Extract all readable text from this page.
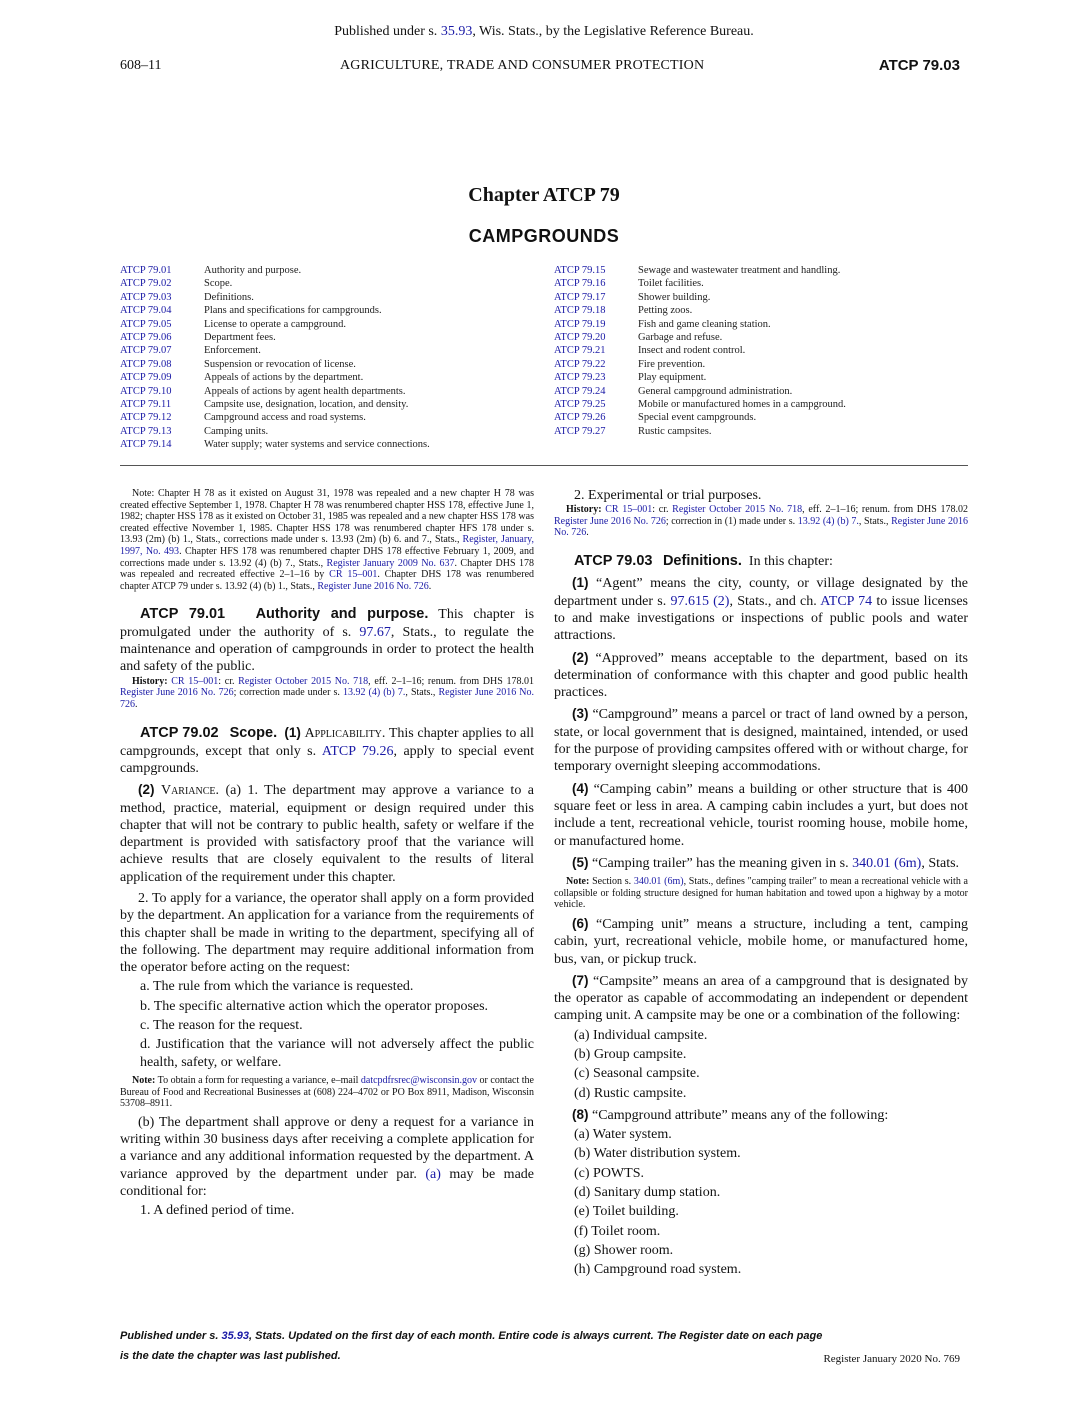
Published under s. 35.93, Wis. Stats., by the Legislative Reference Bureau.
608–11	AGRICULTURE, TRADE AND CONSUMER PROTECTION	ATCP 79.03
Chapter ATCP 79
CAMPGROUNDS
ATCP 79.01	Authority and purpose.
ATCP 79.02	Scope.
ATCP 79.03	Definitions.
ATCP 79.04	Plans and specifications for campgrounds.
ATCP 79.05	License to operate a campground.
ATCP 79.06	Department fees.
ATCP 79.07	Enforcement.
ATCP 79.08	Suspension or revocation of license.
ATCP 79.09	Appeals of actions by the department.
ATCP 79.10	Appeals of actions by agent health departments.
ATCP 79.11	Campsite use, designation, location, and density.
ATCP 79.12	Campground access and road systems.
ATCP 79.13	Camping units.
ATCP 79.14	Water supply; water systems and service connections.
ATCP 79.15	Sewage and wastewater treatment and handling.
ATCP 79.16	Toilet facilities.
ATCP 79.17	Shower building.
ATCP 79.18	Petting zoos.
ATCP 79.19	Fish and game cleaning station.
ATCP 79.20	Garbage and refuse.
ATCP 79.21	Insect and rodent control.
ATCP 79.22	Fire prevention.
ATCP 79.23	Play equipment.
ATCP 79.24	General campground administration.
ATCP 79.25	Mobile or manufactured homes in a campground.
ATCP 79.26	Special event campgrounds.
ATCP 79.27	Rustic campsites.

Note: Chapter H 78 as it existed on August 31, 1978 was repealed and a new chapter H 78 was created effective September 1, 1978. Chapter H 78 was renumbered chapter HSS 178, effective June 1, 1982; chapter HSS 178 as it existed on October 31, 1985 was repealed and a new chapter HSS 178 was created effective November 1, 1985. Chapter HSS 178 was renumbered chapter HFS 178 under s. 13.93 (2m) (b) 1., Stats., corrections made under s. 13.93 (2m) (b) 6. and 7., Stats., Register, January, 1997, No. 493. Chapter HFS 178 was renumbered chapter DHS 178 effective February 1, 2009, and corrections made under s. 13.92 (4) (b) 7., Stats., Register January 2009 No. 637. Chapter DHS 178 was repealed and recreated effective 2–1–16 by CR 15–001. Chapter DHS 178 was renumbered chapter ATCP 79 under s. 13.92 (4) (b) 1., Stats., Register June 2016 No. 726.

ATCP 79.01 Authority and purpose. This chapter is promulgated under the authority of s. 97.67, Stats., to regulate the maintenance and operation of campgrounds in order to protect the health and safety of the public.

History: CR 15–001: cr. Register October 2015 No. 718, eff. 2–1–16; renum. from DHS 178.01 Register June 2016 No. 726; correction made under s. 13.92 (4) (b) 7., Stats., Register June 2016 No. 726.

ATCP 79.02 Scope. (1) Applicability. This chapter applies to all campgrounds, except that only s. ATCP 79.26, apply to special event campgrounds.

(2) Variance. (a) 1. The department may approve a variance to a method, practice, material, equipment or design required under this chapter that will not be contrary to public health, safety or welfare if the department is provided with satisfactory proof that the variance will achieve results that are closely equivalent to the results of literal application of the requirement under this chapter.

2. To apply for a variance, the operator shall apply on a form provided by the department. An application for a variance from the requirements of this chapter shall be made in writing to the department, specifying all of the following. The department may require additional information from the operator before acting on the request:

a. The rule from which the variance is requested.

b. The specific alternative action which the operator proposes.

c. The reason for the request.

d. Justification that the variance will not adversely affect the public health, safety, or welfare.

Note: To obtain a form for requesting a variance, e–mail datcpdfrsrec@wisconsin.gov or contact the Bureau of Food and Recreational Businesses at (608) 224–4702 or PO Box 8911, Madison, Wisconsin 53708–8911.

(b) The department shall approve or deny a request for a variance in writing within 30 business days after receiving a complete application for a variance and any additional information requested by the department. A variance approved by the department under par. (a) may be made conditional for:

1. A defined period of time.

2. Experimental or trial purposes.

History: CR 15–001: cr. Register October 2015 No. 718, eff. 2–1–16; renum. from DHS 178.02 Register June 2016 No. 726; correction in (1) made under s. 13.92 (4) (b) 7., Stats., Register June 2016 No. 726.

ATCP 79.03 Definitions. In this chapter:

(1) “Agent” means the city, county, or village designated by the department under s. 97.615 (2), Stats., and ch. ATCP 74 to issue licenses to and make investigations or inspections of public pools and water attractions.

(2) “Approved” means acceptable to the department, based on its determination of conformance with this chapter and good public health practices.

(3) “Campground” means a parcel or tract of land owned by a person, state, or local government that is designed, maintained, intended, or used for the purpose of providing campsites offered with or without charge, for temporary overnight sleeping accommodations.

(4) “Camping cabin” means a building or other structure that is 400 square feet or less in area. A camping cabin includes a yurt, but does not include a tent, recreational vehicle, tourist rooming house, mobile home, or manufactured home.

(5) “Camping trailer” has the meaning given in s. 340.01 (6m), Stats.

Note: Section s. 340.01 (6m), Stats., defines "camping trailer" to mean a recreational vehicle with a collapsible or folding structure designed for human habitation and towed upon a highway by a motor vehicle.

(6) “Camping unit” means a structure, including a tent, camping cabin, yurt, recreational vehicle, mobile home, or manufactured home, bus, van, or pickup truck.

(7) “Campsite” means an area of a campground that is designated by the operator as capable of accommodating an independent or dependent camping unit. A campsite may be one or a combination of the following:

(a) Individual campsite.

(b) Group campsite.

(c) Seasonal campsite.

(d) Rustic campsite.

(8) “Campground attribute” means any of the following:

(a) Water system.

(b) Water distribution system.

(c) POWTS.

(d) Sanitary dump station.

(e) Toilet building.

(f) Toilet room.

(g) Shower room.

(h) Campground road system.

Published under s. 35.93, Stats. Updated on the first day of each month. Entire code is always current. The Register date on each page
is the date the chapter was last published.	Register January 2020 No. 769
